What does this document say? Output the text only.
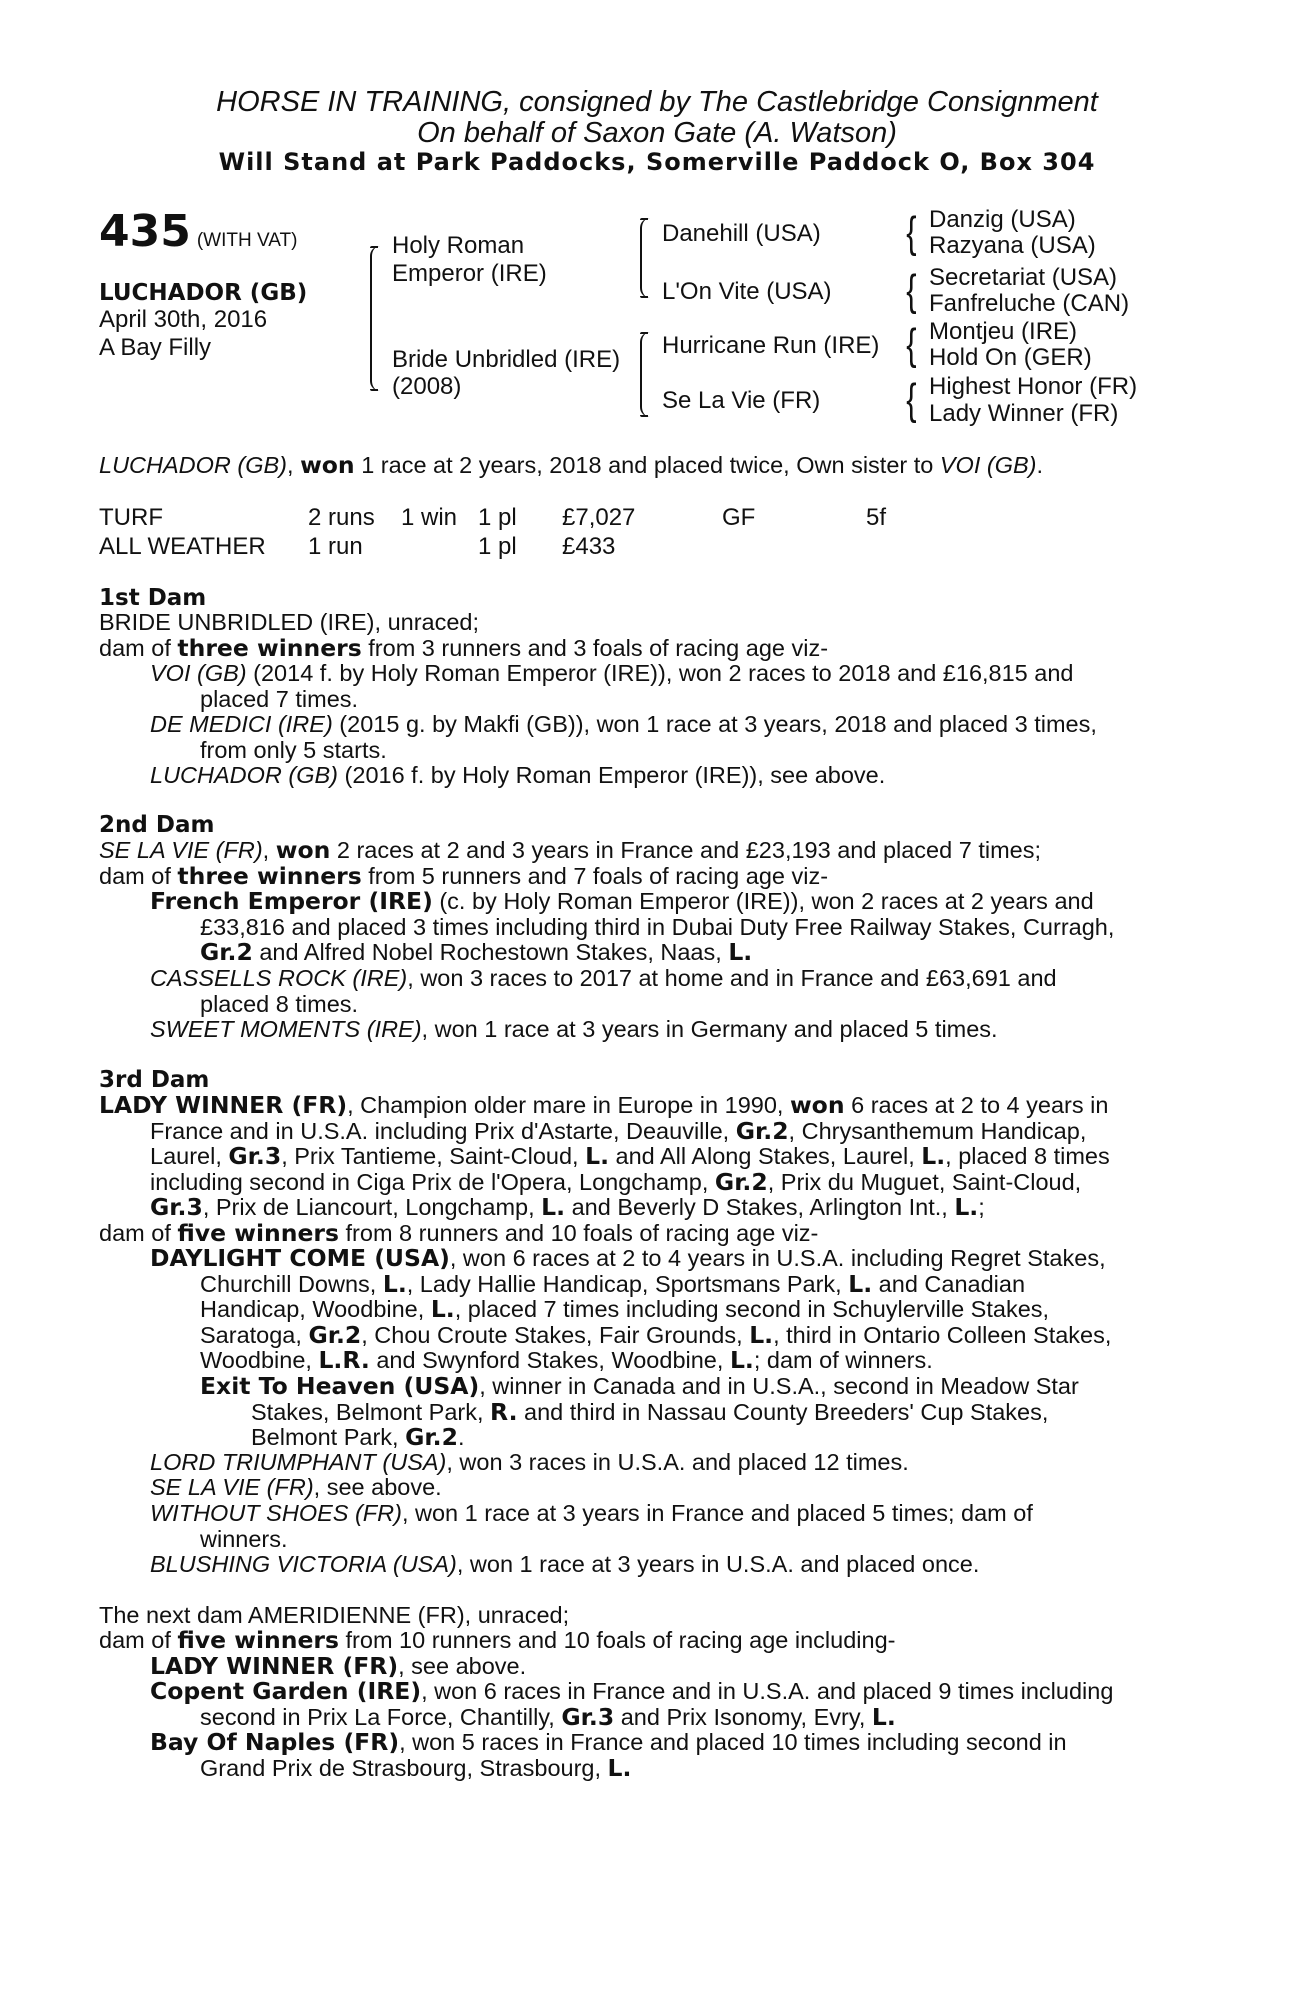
HORSE IN TRAINING, consigned by The Castlebridge Consignment
On behalf of Saxon Gate (A. Watson)
Will Stand at Park Paddocks, Somerville Paddock O, Box 304
435 (WITH VAT)
LUCHADOR (GB)
April 30th, 2016
A Bay Filly
Holy Roman
Emperor (IRE)
Bride Unbridled (IRE)
(2008)
Danehill (USA)
L'On Vite (USA)
Hurricane Run (IRE)
Se La Vie (FR)
{ Danzig (USA)
Razyana (USA)
{ Secretariat (USA)
Fanfreluche (CAN)
{ Montjeu (IRE)
Hold On (GER)
{ Highest Honor (FR)
Lady Winner (FR)
LUCHADOR (GB), won 1 race at 2 years, 2018 and placed twice, Own sister to VOI (GB).
TURF	2 runs 1 win 1 pl £7,027	GF	5f
ALL WEATHER 1 run	1 pl £433
1st Dam
BRIDE UNBRIDLED (IRE), unraced;
dam of three winners from 3 runners and 3 foals of racing age viz-
VOI (GB) (2014 f. by Holy Roman Emperor (IRE)), won 2 races to 2018 and £16,815 and
placed 7 times.
DE MEDICI (IRE) (2015 g. by Makfi (GB)), won 1 race at 3 years, 2018 and placed 3 times,
from only 5 starts.
LUCHADOR (GB) (2016 f. by Holy Roman Emperor (IRE)), see above.
2nd Dam
SE LA VIE (FR), won 2 races at 2 and 3 years in France and £23,193 and placed 7 times;
dam of three winners from 5 runners and 7 foals of racing age viz-
French Emperor (IRE) (c. by Holy Roman Emperor (IRE)), won 2 races at 2 years and
£33,816 and placed 3 times including third in Dubai Duty Free Railway Stakes, Curragh,
Gr.2 and Alfred Nobel Rochestown Stakes, Naas, L.
CASSELLS ROCK (IRE), won 3 races to 2017 at home and in France and £63,691 and
placed 8 times.
SWEET MOMENTS (IRE), won 1 race at 3 years in Germany and placed 5 times.
3rd Dam
LADY WINNER (FR), Champion older mare in Europe in 1990, won 6 races at 2 to 4 years in
France and in U.S.A. including Prix d'Astarte, Deauville, Gr.2, Chrysanthemum Handicap,
Laurel, Gr.3, Prix Tantieme, Saint-Cloud, L. and All Along Stakes, Laurel, L., placed 8 times
including second in Ciga Prix de l'Opera, Longchamp, Gr.2, Prix du Muguet, Saint-Cloud,
Gr.3, Prix de Liancourt, Longchamp, L. and Beverly D Stakes, Arlington Int., L.;
dam of five winners from 8 runners and 10 foals of racing age viz-
DAYLIGHT COME (USA), won 6 races at 2 to 4 years in U.S.A. including Regret Stakes,
Churchill Downs, L., Lady Hallie Handicap, Sportsmans Park, L. and Canadian
Handicap, Woodbine, L., placed 7 times including second in Schuylerville Stakes,
Saratoga, Gr.2, Chou Croute Stakes, Fair Grounds, L., third in Ontario Colleen Stakes,
Woodbine, L.R. and Swynford Stakes, Woodbine, L.; dam of winners.
Exit To Heaven (USA), winner in Canada and in U.S.A., second in Meadow Star
Stakes, Belmont Park, R. and third in Nassau County Breeders' Cup Stakes,
Belmont Park, Gr.2.
LORD TRIUMPHANT (USA), won 3 races in U.S.A. and placed 12 times.
SE LA VIE (FR), see above.
WITHOUT SHOES (FR), won 1 race at 3 years in France and placed 5 times; dam of
winners.
BLUSHING VICTORIA (USA), won 1 race at 3 years in U.S.A. and placed once.
The next dam AMERIDIENNE (FR), unraced;
dam of five winners from 10 runners and 10 foals of racing age including-
LADY WINNER (FR), see above.
Copent Garden (IRE), won 6 races in France and in U.S.A. and placed 9 times including
second in Prix La Force, Chantilly, Gr.3 and Prix Isonomy, Evry, L.
Bay Of Naples (FR), won 5 races in France and placed 10 times including second in
Grand Prix de Strasbourg, Strasbourg, L.
